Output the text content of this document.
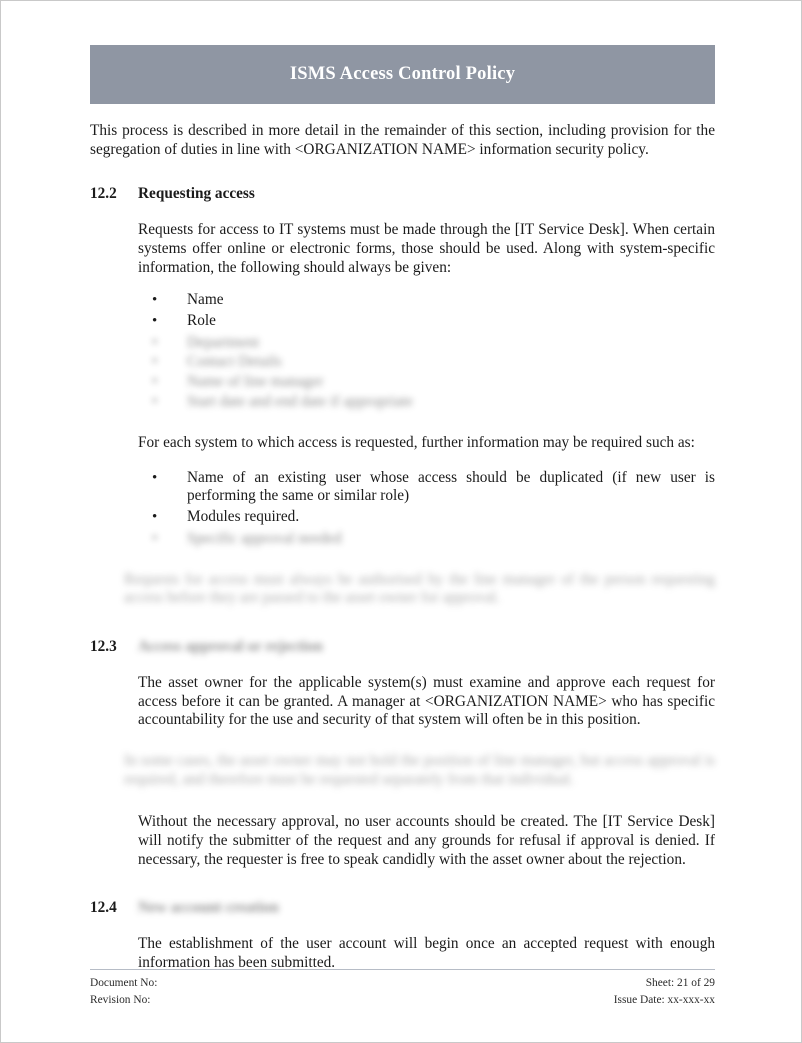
ISMS Access Control Policy
This process is described in more detail in the remainder of this section, including provision for the segregation of duties in line with <ORGANIZATION NAME> information security policy.
12.2	Requesting access
Requests for access to IT systems must be made through the [IT Service Desk]. When certain systems offer online or electronic forms, those should be used. Along with system-specific information, the following should always be given:
• Name
• Role
• Department
• Contact Details
• Name of line manager
• Start date and end date if appropriate
For each system to which access is requested, further information may be required such as:
• Name of an existing user whose access should be duplicated (if new user is performing the same or similar role)
• Modules required.
• Specific approval needed
Requests for access must always be authorised by the line manager of the person requesting access before they are passed to the asset owner for approval.
12.3	Access approval or rejection
The asset owner for the applicable system(s) must examine and approve each request for access before it can be granted. A manager at <ORGANIZATION NAME> who has specific accountability for the use and security of that system will often be in this position.
In some cases, the asset owner may not hold the position of line manager, but access approval is required, and therefore must be requested separately from that individual.
Without the necessary approval, no user accounts should be created. The [IT Service Desk] will notify the submitter of the request and any grounds for refusal if approval is denied. If necessary, the requester is free to speak candidly with the asset owner about the rejection.
12.4	New account creation
The establishment of the user account will begin once an accepted request with enough information has been submitted.
Document No:
Revision No:
Sheet: 21 of 29
Issue Date: xx-xxx-xx
